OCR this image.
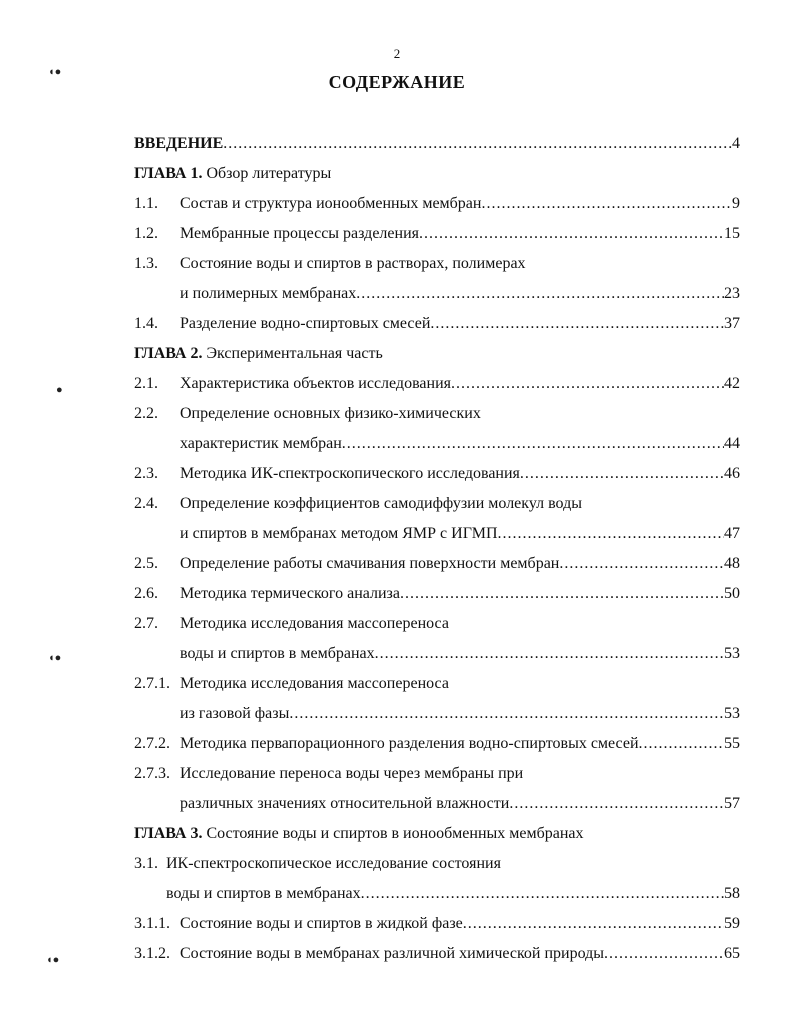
2
СОДЕРЖАНИЕ
◖●
●
◖●
◖●
ВВЕДЕНИЕ . . .	4
ГЛАВА 1. Обзор литературы
1.1.	Состав и структура ионообменных мембран . . .	9
1.2.	Мембранные процессы разделения . . .	15
1.3. Состояние воды и спиртов в растворах, полимерах
и полимерных мембранах . . .	23
1.4.	Разделение водно-спиртовых смесей . . .	37
ГЛАВА 2. Экспериментальная часть
2.1.	Характеристика объектов исследования . . .	42
2.2. Определение основных физико-химических
характеристик мембран . . .	44
2.3.	Методика ИК-спектроскопического исследования . . .	46
2.4. Определение коэффициентов самодиффузии молекул воды
и спиртов в мембранах методом ЯМР с ИГМП . . .	47
2.5.	Определение работы смачивания поверхности мембран . . .	48
2.6.	Методика термического анализа . . .	50
2.7. Методика исследования массопереноса
воды и спиртов в мембранах . . .	53
2.7.1. Методика исследования массопереноса
из газовой фазы . . .	53
2.7.2. Методика первапорационного разделения водно-спиртовых смесей . . .	55
2.7.3. Исследование переноса воды через мембраны при
различных значениях относительной влажности . . .	57
ГЛАВА 3. Состояние воды и спиртов в ионообменных мембранах
3.1. ИК-спектроскопическое исследование состояния
воды и спиртов в мембранах . . .	58
3.1.1. Состояние воды и спиртов в жидкой фазе . . .	59
3.1.2. Состояние воды в мембранах различной химической природы . . .	65
